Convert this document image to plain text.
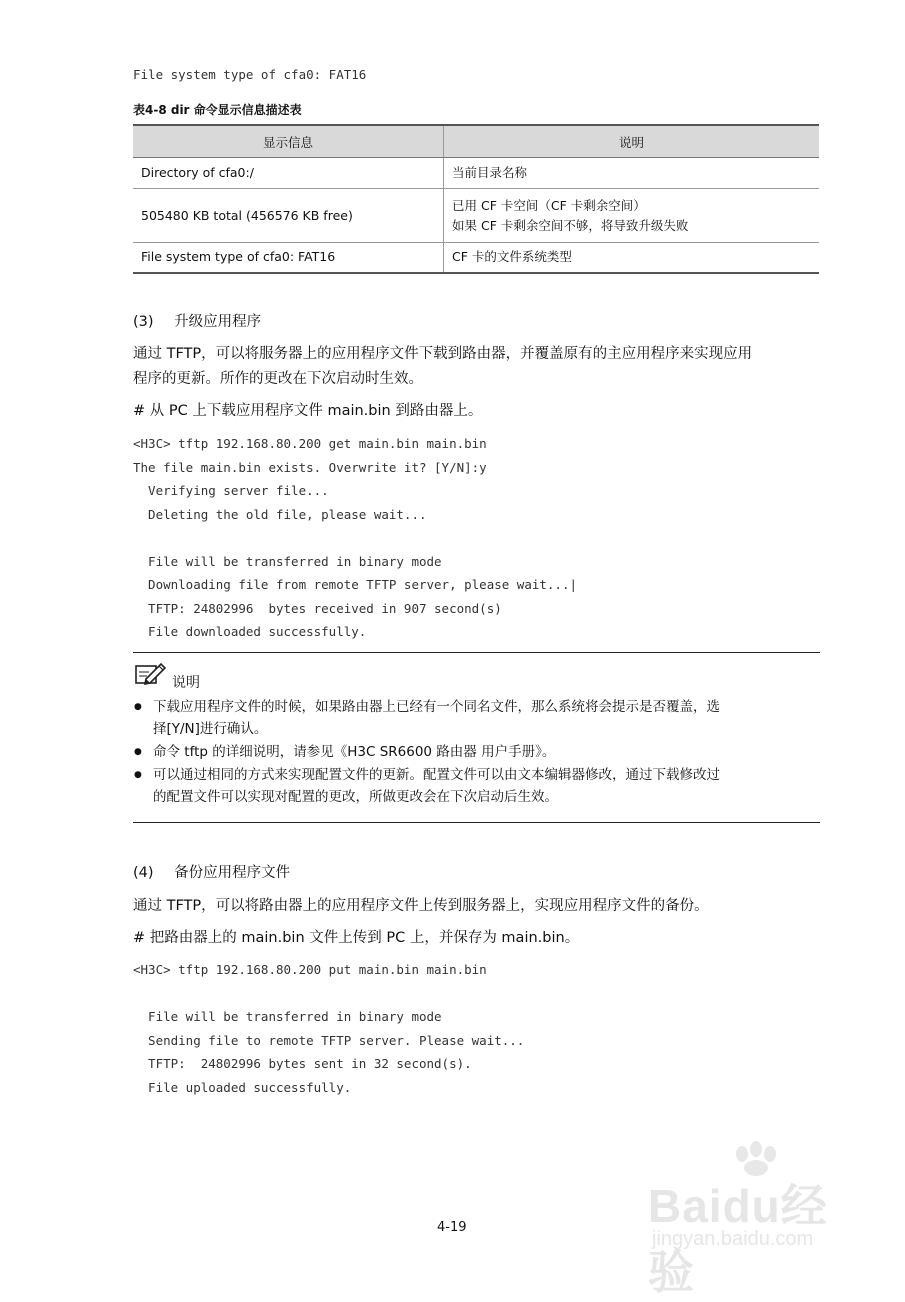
File system type of cfa0: FAT16
表4-8 dir 命令显示信息描述表
显示信息	说明
Directory of cfa0:/	当前目录名称
505480 KB total (456576 KB free)	已用 CF 卡空间（CF 卡剩余空间）
如果 CF 卡剩余空间不够，将导致升级失败

File system type of cfa0: FAT16	CF 卡的文件系统类型
(3) 升级应用程序
通过 TFTP，可以将服务器上的应用程序文件下载到路由器，并覆盖原有的主应用程序来实现应用
程序的更新。所作的更改在下次启动时生效。
# 从 PC 上下载应用程序文件 main.bin 到路由器上。
<H3C> tftp 192.168.80.200 get main.bin main.bin
The file main.bin exists. Overwrite it? [Y/N]:y
Verifying server file...
Deleting the old file, please wait...
File will be transferred in binary mode
Downloading file from remote TFTP server, please wait...|
TFTP: 24802996  bytes received in 907 second(s)
File downloaded successfully.
说明
● 下载应用程序文件的时候，如果路由器上已经有一个同名文件，那么系统将会提示是否覆盖，选
择[Y/N]进行确认。
● 命令 tftp 的详细说明，请参见《H3C SR6600 路由器 用户手册》。
● 可以通过相同的方式来实现配置文件的更新。配置文件可以由文本编辑器修改，通过下载修改过
的配置文件可以实现对配置的更改，所做更改会在下次启动后生效。
(4) 备份应用程序文件
通过 TFTP，可以将路由器上的应用程序文件上传到服务器上，实现应用程序文件的备份。
# 把路由器上的 main.bin 文件上传到 PC 上，并保存为 main.bin。
<H3C> tftp 192.168.80.200 put main.bin main.bin
File will be transferred in binary mode
Sending file to remote TFTP server. Please wait...
TFTP:  24802996 bytes sent in 32 second(s).
File uploaded successfully.
Baidu经验
jingyan.baidu.com
4-19
